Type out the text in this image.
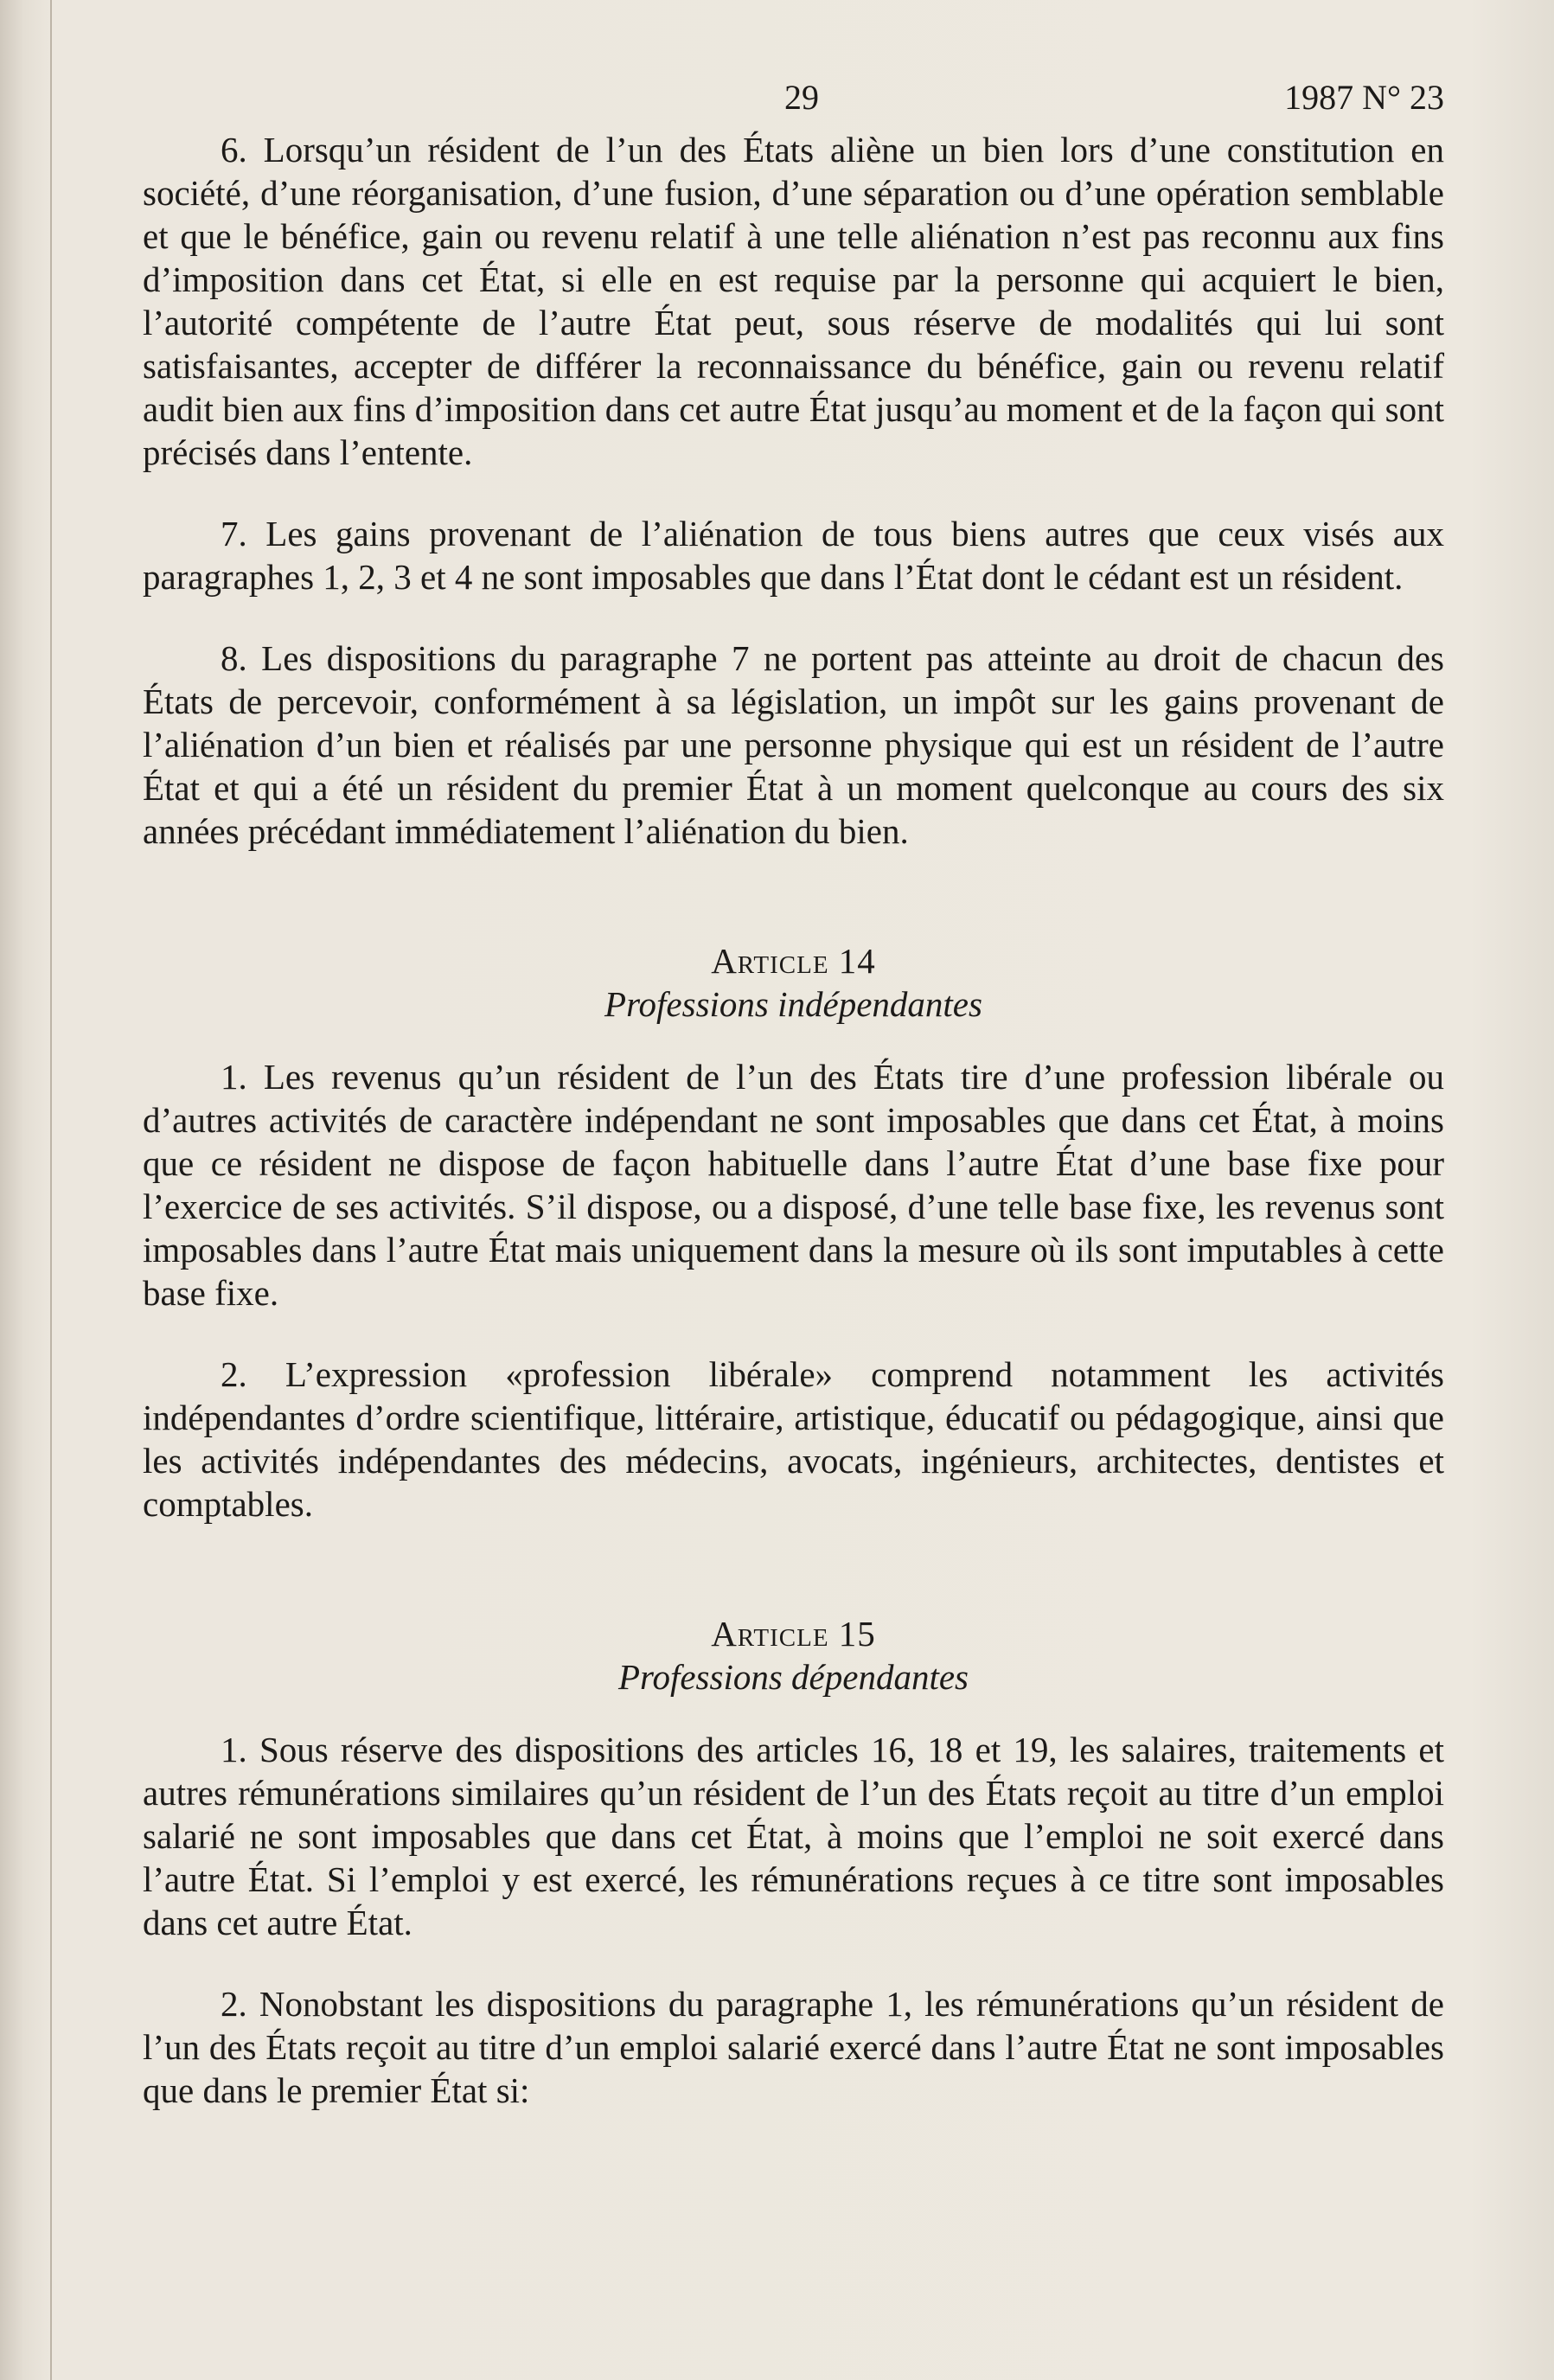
29	1987 N° 23

6. Lorsqu’un résident de l’un des États aliène un bien lors d’une constitution en société, d’une réorganisation, d’une fusion, d’une séparation ou d’une opération semblable et que le bénéfice, gain ou revenu relatif à une telle aliénation n’est pas reconnu aux fins d’imposition dans cet État, si elle en est requise par la personne qui acquiert le bien, l’autorité compétente de l’autre État peut, sous réserve de modalités qui lui sont satisfaisantes, accepter de différer la reconnaissance du bénéfice, gain ou revenu relatif audit bien aux fins d’imposition dans cet autre État jusqu’au moment et de la façon qui sont précisés dans l’entente.

7. Les gains provenant de l’aliénation de tous biens autres que ceux visés aux paragraphes 1, 2, 3 et 4 ne sont imposables que dans l’État dont le cédant est un résident.

8. Les dispositions du paragraphe 7 ne portent pas atteinte au droit de chacun des États de percevoir, conformément à sa législation, un impôt sur les gains provenant de l’aliénation d’un bien et réalisés par une personne physique qui est un résident de l’autre État et qui a été un résident du premier État à un moment quelconque au cours des six années précédant immédiatement l’aliénation du bien.

Article 14

Professions indépendantes

1. Les revenus qu’un résident de l’un des États tire d’une profession libérale ou d’autres activités de caractère indépendant ne sont imposables que dans cet État, à moins que ce résident ne dispose de façon habituelle dans l’autre État d’une base fixe pour l’exercice de ses activités. S’il dispose, ou a disposé, d’une telle base fixe, les revenus sont imposables dans l’autre État mais uniquement dans la mesure où ils sont imputables à cette base fixe.

2. L’expression «profession libérale» comprend notamment les activités indépendantes d’ordre scientifique, littéraire, artistique, éducatif ou pédagogique, ainsi que les activités indépendantes des médecins, avocats, ingénieurs, architectes, dentistes et comptables.

Article 15

Professions dépendantes

1. Sous réserve des dispositions des articles 16, 18 et 19, les salaires, traitements et autres rémunérations similaires qu’un résident de l’un des États reçoit au titre d’un emploi salarié ne sont imposables que dans cet État, à moins que l’emploi ne soit exercé dans l’autre État. Si l’emploi y est exercé, les rémunérations reçues à ce titre sont imposables dans cet autre État.

2. Nonobstant les dispositions du paragraphe 1, les rémunérations qu’un résident de l’un des États reçoit au titre d’un emploi salarié exercé dans l’autre État ne sont imposables que dans le premier État si:
